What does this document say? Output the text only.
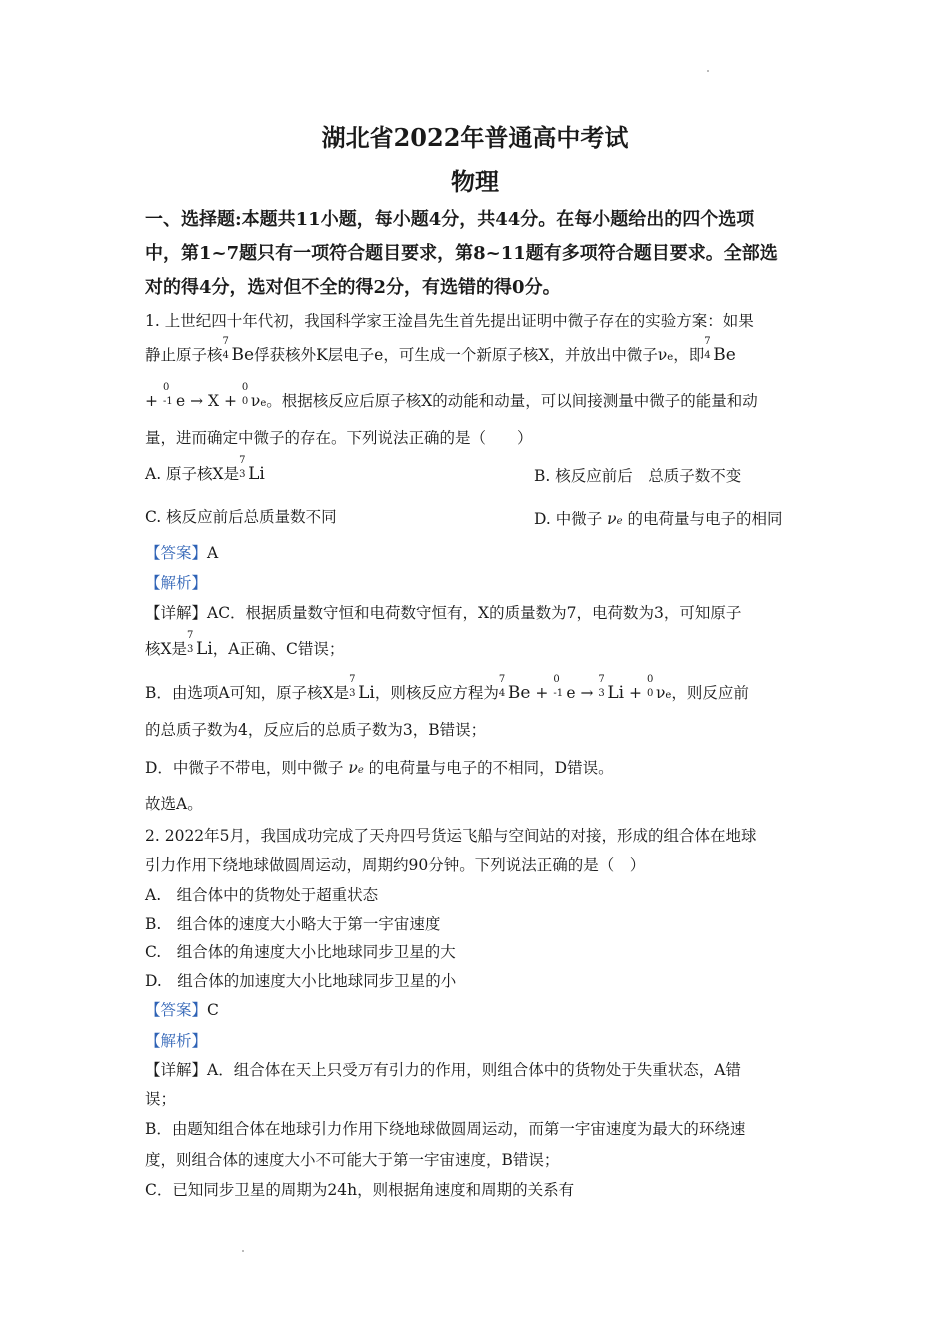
湖北省2022年普通高中考试
物理
一、选择题:本题共11小题，每小题4分，共44分。在每小题给出的四个选项
中，第1~7题只有一项符合题目要求，第8~11题有多项符合题目要求。全部选
对的得4分，选对但不全的得2分，有选错的得0分。
1. 上世纪四十年代初，我国科学家王淦昌先生首先提出证明中微子存在的实验方案：如果
静止原子核
7
4 Be俘获核外K层电子e，可生成一个新原子核X，并放出中微子νe，即
7
4 Be
+
0
-1 e → X +
0
0 νe。根据核反应后原子核X的动能和动量，可以间接测量中微子的能量和动
量，进而确定中微子的存在。下列说法正确的是（　　）
A. 原子核X是
7
3 Li	B. 核反应前后　总质子数不变
C. 核反应前后总质量数不同	D. 中微子 νe 的电荷量与电子的相同
【答案】A
【解析】
【详解】AC．根据质量数守恒和电荷数守恒有，X的质量数为7，电荷数为3，可知原子
核X是
7
3 Li，A正确、C错误；
B．由选项A可知，原子核X是
7
3 Li，则核反应方程为
7
4 Be +
0
-1 e →
7
3 Li +
0
0 νe，则反应前
的总质子数为4，反应后的总质子数为3，B错误；
D．中微子不带电，则中微子 νe 的电荷量与电子的不相同，D错误。
故选A。
2. 2022年5月，我国成功完成了天舟四号货运飞船与空间站的对接，形成的组合体在地球
引力作用下绕地球做圆周运动，周期约90分钟。下列说法正确的是（　）
A.　组合体中的货物处于超重状态
B.　组合体的速度大小略大于第一宇宙速度
C.　组合体的角速度大小比地球同步卫星的大
D.　组合体的加速度大小比地球同步卫星的小
【答案】C
【解析】
【详解】A．组合体在天上只受万有引力的作用，则组合体中的货物处于失重状态，A错
误；
B．由题知组合体在地球引力作用下绕地球做圆周运动，而第一宇宙速度为最大的环绕速
度，则组合体的速度大小不可能大于第一宇宙速度，B错误；
C．已知同步卫星的周期为24h，则根据角速度和周期的关系有
